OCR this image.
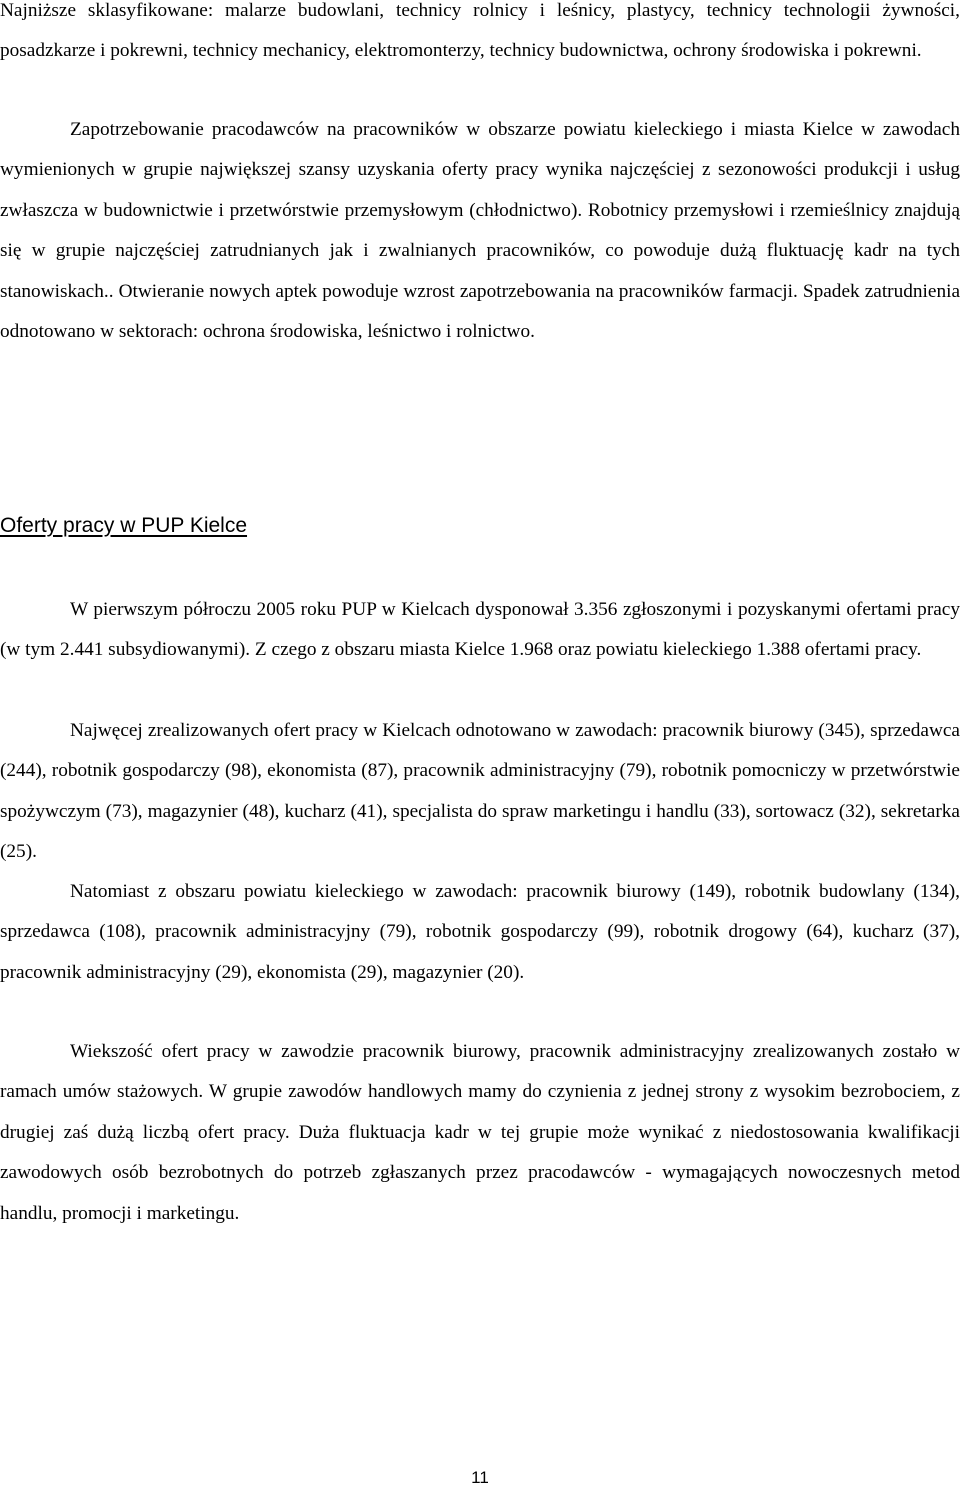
Najniższe sklasyfikowane: malarze budowlani, technicy rolnicy i leśnicy, plastycy, technicy technologii żywności, posadzkarze i pokrewni, technicy mechanicy, elektromonterzy, technicy budownictwa, ochrony środowiska i pokrewni.

Zapotrzebowanie pracodawców na pracowników w obszarze powiatu kieleckiego i miasta Kielce w zawodach wymienionych w grupie największej szansy uzyskania oferty pracy wynika najczęściej z sezonowości produkcji i usług zwłaszcza w budownictwie i przetwórstwie przemysłowym (chłodnictwo). Robotnicy przemysłowi i rzemieślnicy znajdują się w grupie najczęściej zatrudnianych jak i zwalnianych pracowników, co powoduje dużą fluktuację kadr na tych stanowiskach.. Otwieranie nowych aptek powoduje wzrost zapotrzebowania na pracowników farmacji. Spadek zatrudnienia odnotowano w sektorach: ochrona środowiska, leśnictwo i rolnictwo.

Oferty pracy w PUP Kielce

W pierwszym półroczu 2005 roku PUP w Kielcach dysponował 3.356 zgłoszonymi i pozyskanymi ofertami pracy (w tym 2.441 subsydiowanymi). Z czego z obszaru miasta Kielce 1.968 oraz powiatu kieleckiego 1.388 ofertami pracy.

Najwęcej zrealizowanych ofert pracy w Kielcach odnotowano w zawodach: pracownik biurowy (345), sprzedawca (244), robotnik gospodarczy (98), ekonomista (87), pracownik administracyjny (79), robotnik pomocniczy w przetwórstwie spożywczym (73), magazynier (48), kucharz (41), specjalista do spraw marketingu i handlu (33), sortowacz (32), sekretarka (25).

Natomiast z obszaru powiatu kieleckiego w zawodach: pracownik biurowy (149), robotnik budowlany (134), sprzedawca (108), pracownik administracyjny (79), robotnik gospodarczy (99), robotnik drogowy (64), kucharz (37), pracownik administracyjny (29), ekonomista (29), magazynier (20).

Wiekszość ofert pracy w zawodzie pracownik biurowy, pracownik administracyjny zrealizowanych zostało w ramach umów stażowych. W grupie zawodów handlowych mamy do czynienia z jednej strony z wysokim bezrobociem, z drugiej zaś dużą liczbą ofert pracy. Duża fluktuacja kadr w tej grupie może wynikać z niedostosowania kwalifikacji zawodowych osób bezrobotnych do potrzeb zgłaszanych przez pracodawców - wymagających nowoczesnych metod handlu, promocji i marketingu.

11
